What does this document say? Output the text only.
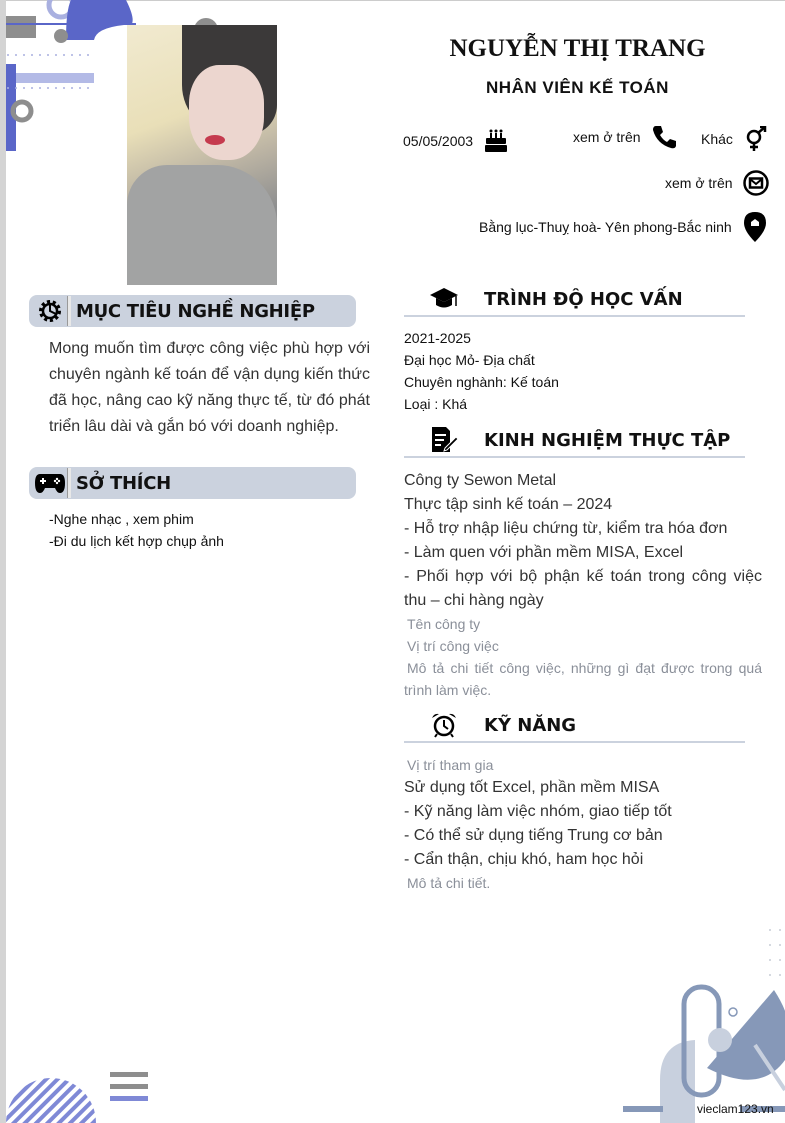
NGUYỄN THỊ TRANG
NHÂN VIÊN KẾ TOÁN
05/05/2003	xem ở trên	Khác
xem ở trên
Bằng lục-Thuỵ hoà- Yên phong-Bắc ninh
MỤC TIÊU NGHỀ NGHIỆP
Mong muốn tìm được công việc phù hợp với chuyên ngành kế toán để vận dụng kiến thức đã học, nâng cao kỹ năng thực tế, từ đó phát triển lâu dài và gắn bó với doanh nghiệp.
SỞ THÍCH
-Nghe nhạc , xem phim
-Đi du lịch kết hợp chụp ảnh
TRÌNH ĐỘ HỌC VẤN
2021-2025
Đại học Mỏ- Địa chất
Chuyên nghành: Kế toán
Loại : Khá
KINH NGHIỆM THỰC TẬP
Công ty Sewon Metal
Thực tập sinh kế toán – 2024
- Hỗ trợ nhập liệu chứng từ, kiểm tra hóa đơn
- Làm quen với phần mềm MISA, Excel
- Phối hợp với bộ phận kế toán trong công việc thu – chi hàng ngày
Tên công ty
Vị trí công việc
Mô tả chi tiết công việc, những gì đạt được trong quá trình làm việc.
KỸ NĂNG
Vị trí tham gia
Sử dụng tốt Excel, phần mềm MISA
- Kỹ năng làm việc nhóm, giao tiếp tốt
- Có thể sử dụng tiếng Trung cơ bản
- Cẩn thận, chịu khó, ham học hỏi
Mô tả chi tiết.
vieclam123.vn
